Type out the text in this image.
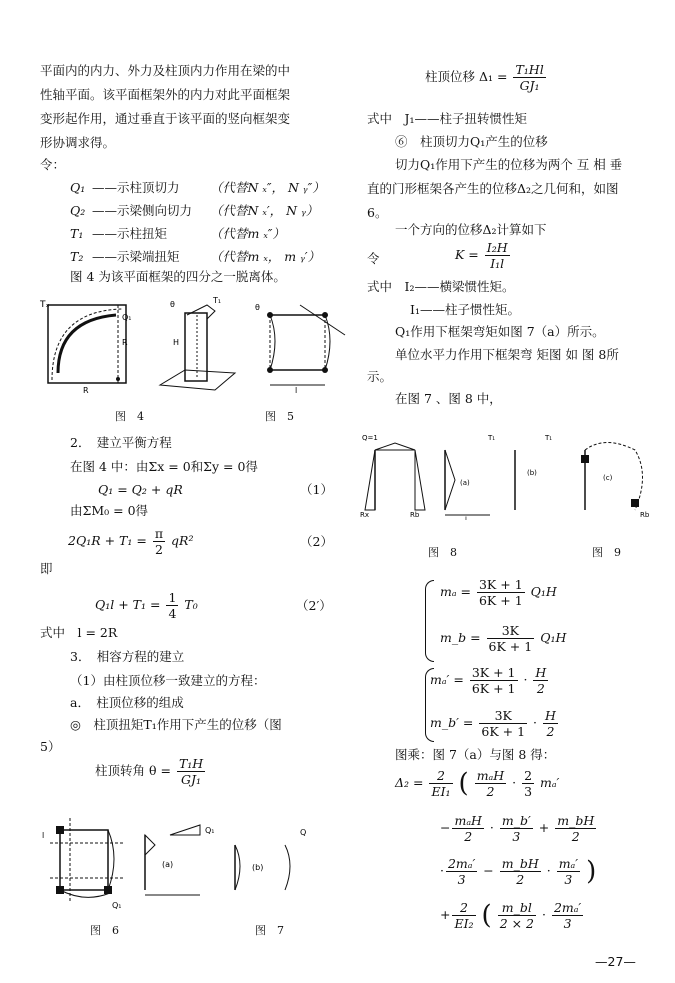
平面内的内力、外力及柱顶内力作用在梁的中
性轴平面。该平面框架外的内力对此平面框架
变形起作用，通过垂直于该平面的竖向框架变
形协调求得。
令：
Q₁ ——示柱顶切力 （代替N ₓ″， N ᵧ″）
Q₂ ——示梁侧向切力 （代替N ₓ′， N ᵧ）
T₁ ——示柱扭矩	（代替m ₓ″）
T₂ ——示梁端扭矩 （代替m ₓ， m ᵧ′）
图 4 为该平面框架的四分之一脱离体。
Tₓ
Q₁
R
R
图　4
θ	T₁
H
l
θ
图　5
2．　建立平衡方程
在图 4 中：由Σx = 0和Σy = 0得
Q₁ = Q₂ + qR	（1）
由ΣM₀ = 0得
$2Q_1R + T_1 = \frac{\pi}{2} qR^2$	（2）
即
$Q_1l + T_1 = \frac{1}{4} T_0$	（2′）
式中　l = 2R
3．　相容方程的建立
（1）由柱顶位移一致建立的方程：
a．　柱顶位移的组成
◎　柱顶扭矩T₁作用下产生的位移（图
5）
柱顶转角 $\theta = \frac{\text{T₁H}}{\text{GJ₁}}$
l
Q₁
图　6
(a)
Q₁
(b)
Q
图　7
柱顶位移 $\Delta_1 = \frac{\text{T₁Hl}}{\text{GJ₁}}$
式中　J₁——柱子扭转惯性矩
⑥　柱顶切力Q₁产生的位移
切力Q₁作用下产生的位移为两个 互 相 垂
直的门形框架各产生的位移Δ₂之几何和，如图
6。
一个方向的位移Δ₂计算如下
令	$K = \frac{\text{I₂H}}{\text{I₁l}}$
式中　I₂——横梁惯性矩。
I₁——柱子惯性矩。
Q₁作用下框架弯矩如图 7（a）所示。
单位水平力作用下框架弯 矩图 如 图 8所
示。
在图 7 、图 8 中，
Q=1
Rx	Rb
(a)
T₁
l
图　8
(b)
T₁
(c)
Rb
图　9
$m_a = \frac{3K + 1}{6K + 1} Q_1H$
m_b = $\frac{3K}{6K + 1} Q_1H$
$m_a' = \frac{3K + 1}{6K + 1} \cdot \frac{H}{2}$
m_b′ = $\frac{3K}{6K + 1} \cdot \frac{H}{2}$
图乘：图 7（a）与图 8 得：
$\Delta_2 = \frac{2}{\text{EI₁}}$ ( $\frac{\text{mₐH}}{2} \cdot \frac{2}{3} m_a'$
− $\frac{\text{mₐH}}{2} \cdot \frac{m\_b'}{3} + \frac{m\_bH}{2}$
· $\frac{\text{2mₐ′}}{3} - \frac{m\_bH}{2} \cdot \frac{\text{mₐ′}}{3}$ )
+ $\frac{2}{\text{EI₂}}$ ( $\frac{m\_bl}{2 \times 2} \cdot \frac{\text{2mₐ′}}{3}$
—27—
